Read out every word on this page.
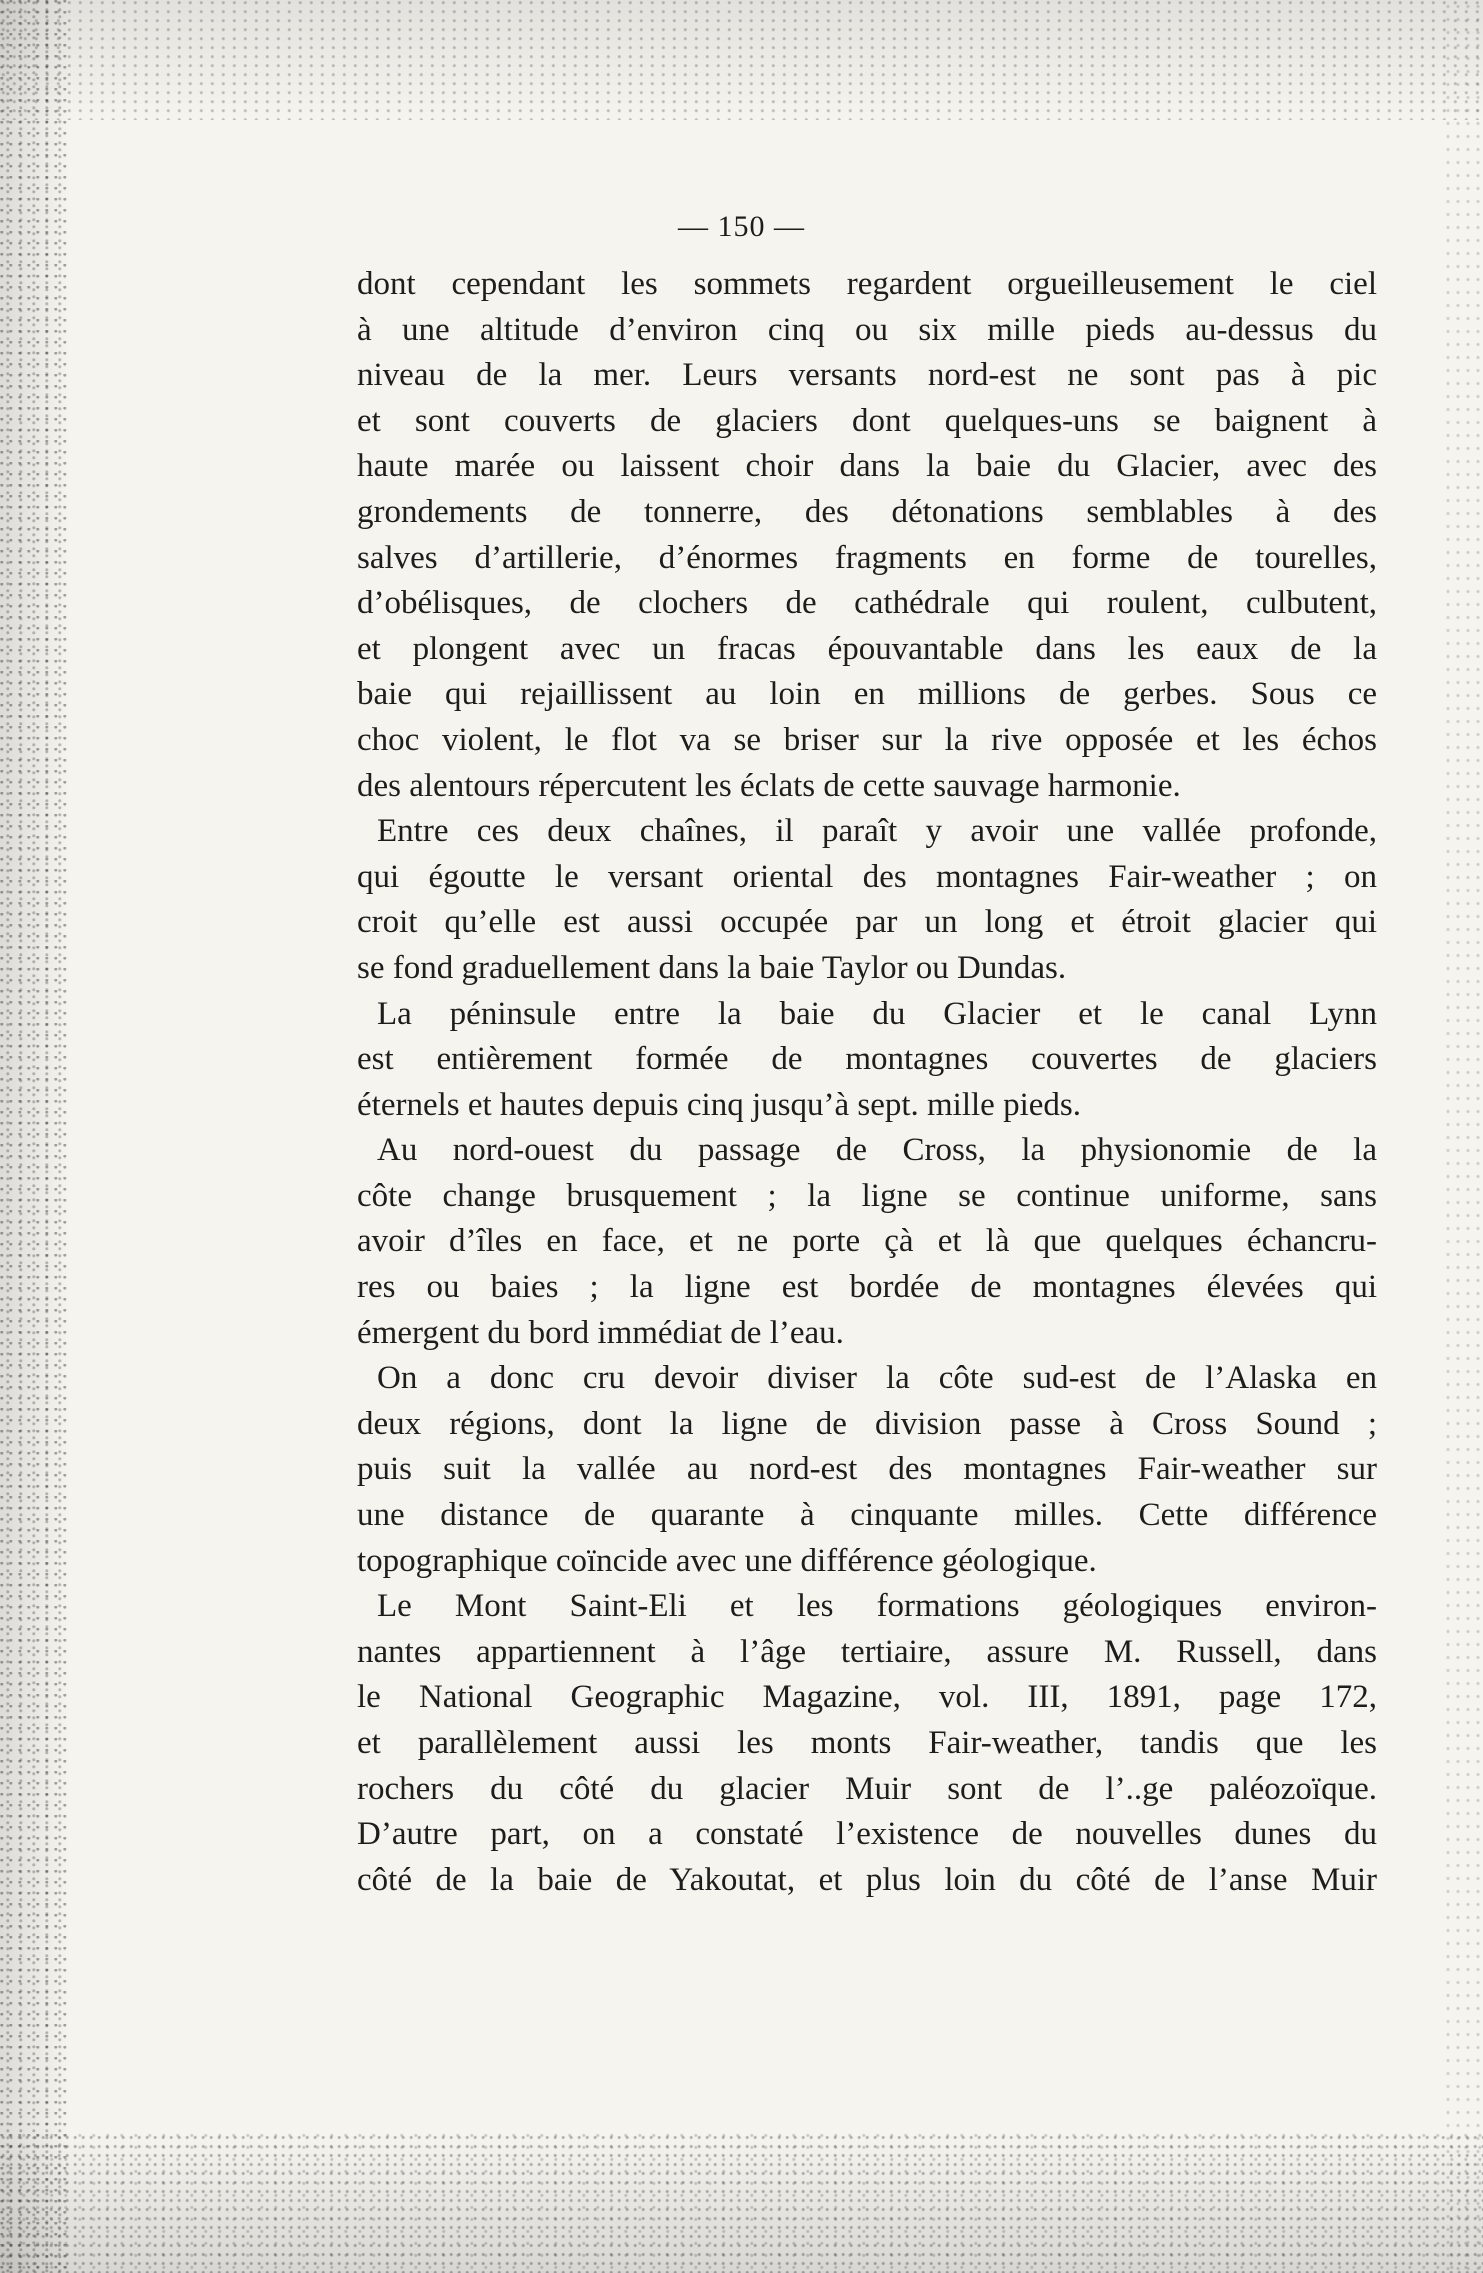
— 150 —
dont cependant les sommets regardent orgueilleusement le ciel
à une altitude d’environ cinq ou six mille pieds au-dessus du
niveau de la mer. Leurs versants nord-est ne sont pas à pic
et sont couverts de glaciers dont quelques-uns se baignent à
haute marée ou laissent choir dans la baie du Glacier, avec des
grondements de tonnerre, des détonations semblables à des
salves d’artillerie, d’énormes fragments en forme de tourelles,
d’obélisques, de clochers de cathédrale qui roulent, culbutent,
et plongent avec un fracas épouvantable dans les eaux de la
baie qui rejaillissent au loin en millions de gerbes. Sous ce
choc violent, le flot va se briser sur la rive opposée et les échos
des alentours répercutent les éclats de cette sauvage harmonie.
Entre ces deux chaînes, il paraît y avoir une vallée profonde,
qui égoutte le versant oriental des montagnes Fair-weather ; on
croit qu’elle est aussi occupée par un long et étroit glacier qui
se fond graduellement dans la baie Taylor ou Dundas.
La péninsule entre la baie du Glacier et le canal Lynn
est entièrement formée de montagnes couvertes de glaciers
éternels et hautes depuis cinq jusqu’à sept. mille pieds.
Au nord-ouest du passage de Cross, la physionomie de la
côte change brusquement ; la ligne se continue uniforme, sans
avoir d’îles en face, et ne porte çà et là que quelques échancru-
res ou baies ; la ligne est bordée de montagnes élevées qui
émergent du bord immédiat de l’eau.
On a donc cru devoir diviser la côte sud-est de l’Alaska en
deux régions, dont la ligne de division passe à Cross Sound ;
puis suit la vallée au nord-est des montagnes Fair-weather sur
une distance de quarante à cinquante milles. Cette différence
topographique coïncide avec une différence géologique.
Le Mont Saint-Eli et les formations géologiques environ-
nantes appartiennent à l’âge tertiaire, assure M. Russell, dans
le National Geographic Magazine, vol. III, 1891, page 172,
et parallèlement aussi les monts Fair-weather, tandis que les
rochers du côté du glacier Muir sont de l’..ge paléozoïque.
D’autre part, on a constaté l’existence de nouvelles dunes du
côté de la baie de Yakoutat, et plus loin du côté de l’anse Muir
